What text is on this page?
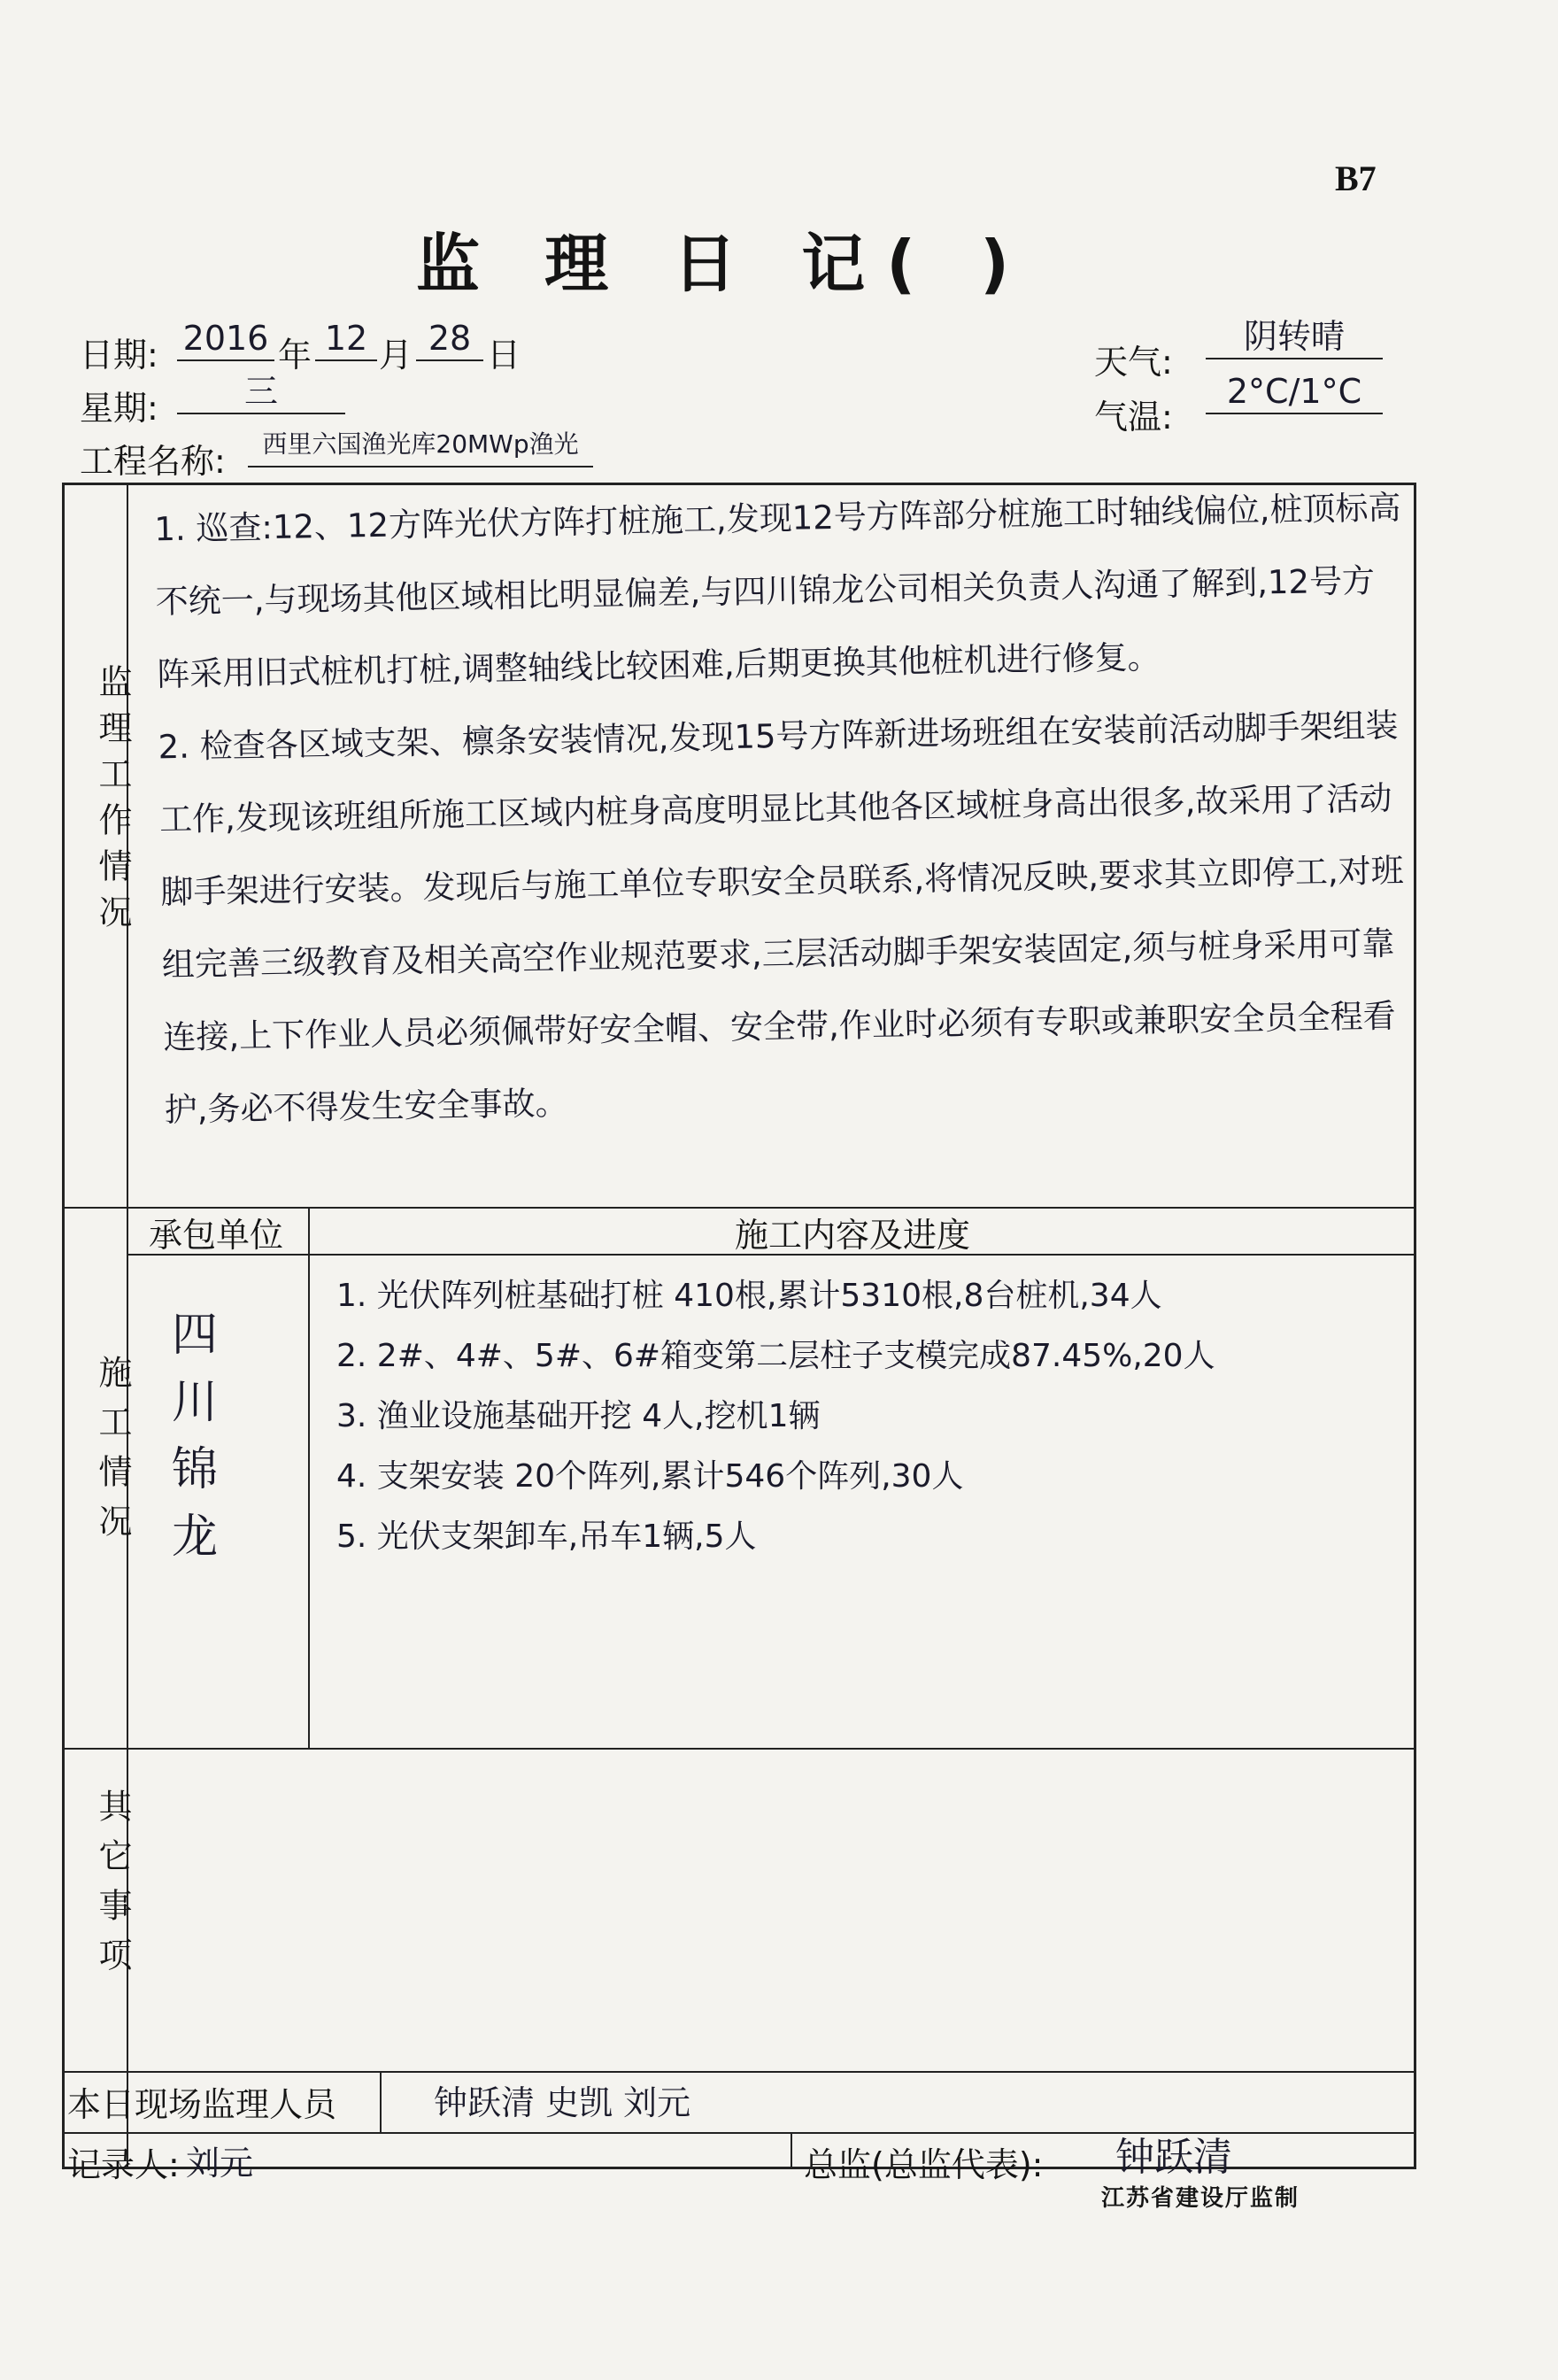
B7
监 理 日 记( )
日期: 2016 年 12 月 28 日
星期:	三
工程名称:	西里六国渔光库20MWp渔光
天气:
阴转晴
气温:
2°C/1°C
监理工作情况
施工情况
其它事项

1. 巡查:12、12方阵光伏方阵打桩施工,发现12号方阵部分桩施工时轴线偏位,桩顶标高不统一,与现场其他区域相比明显偏差,与四川锦龙公司相关负责人沟通了解到,12号方阵采用旧式桩机打桩,调整轴线比较困难,后期更换其他桩机进行修复。

2. 检查各区域支架、檩条安装情况,发现15号方阵新进场班组在安装前活动脚手架组装工作,发现该班组所施工区域内桩身高度明显比其他各区域桩身高出很多,故采用了活动脚手架进行安装。发现后与施工单位专职安全员联系,将情况反映,要求其立即停工,对班组完善三级教育及相关高空作业规范要求,三层活动脚手架安装固定,须与桩身采用可靠连接,上下作业人员必须佩带好安全帽、安全带,作业时必须有专职或兼职安全员全程看护,务必不得发生安全事故。

承包单位	施工内容及进度
四川锦龙
1. 光伏阵列桩基础打桩 410根,累计5310根,8台桩机,34人
2. 2#、4#、5#、6#箱变第二层柱子支模完成87.45%,20人
3. 渔业设施基础开挖 4人,挖机1辆
4. 支架安装 20个阵列,累计546个阵列,30人
5. 光伏支架卸车,吊车1辆,5人
本日现场监理人员	钟跃清 史凯 刘元
记录人: 刘元	总监(总监代表): 钟跃清
江苏省建设厅监制
